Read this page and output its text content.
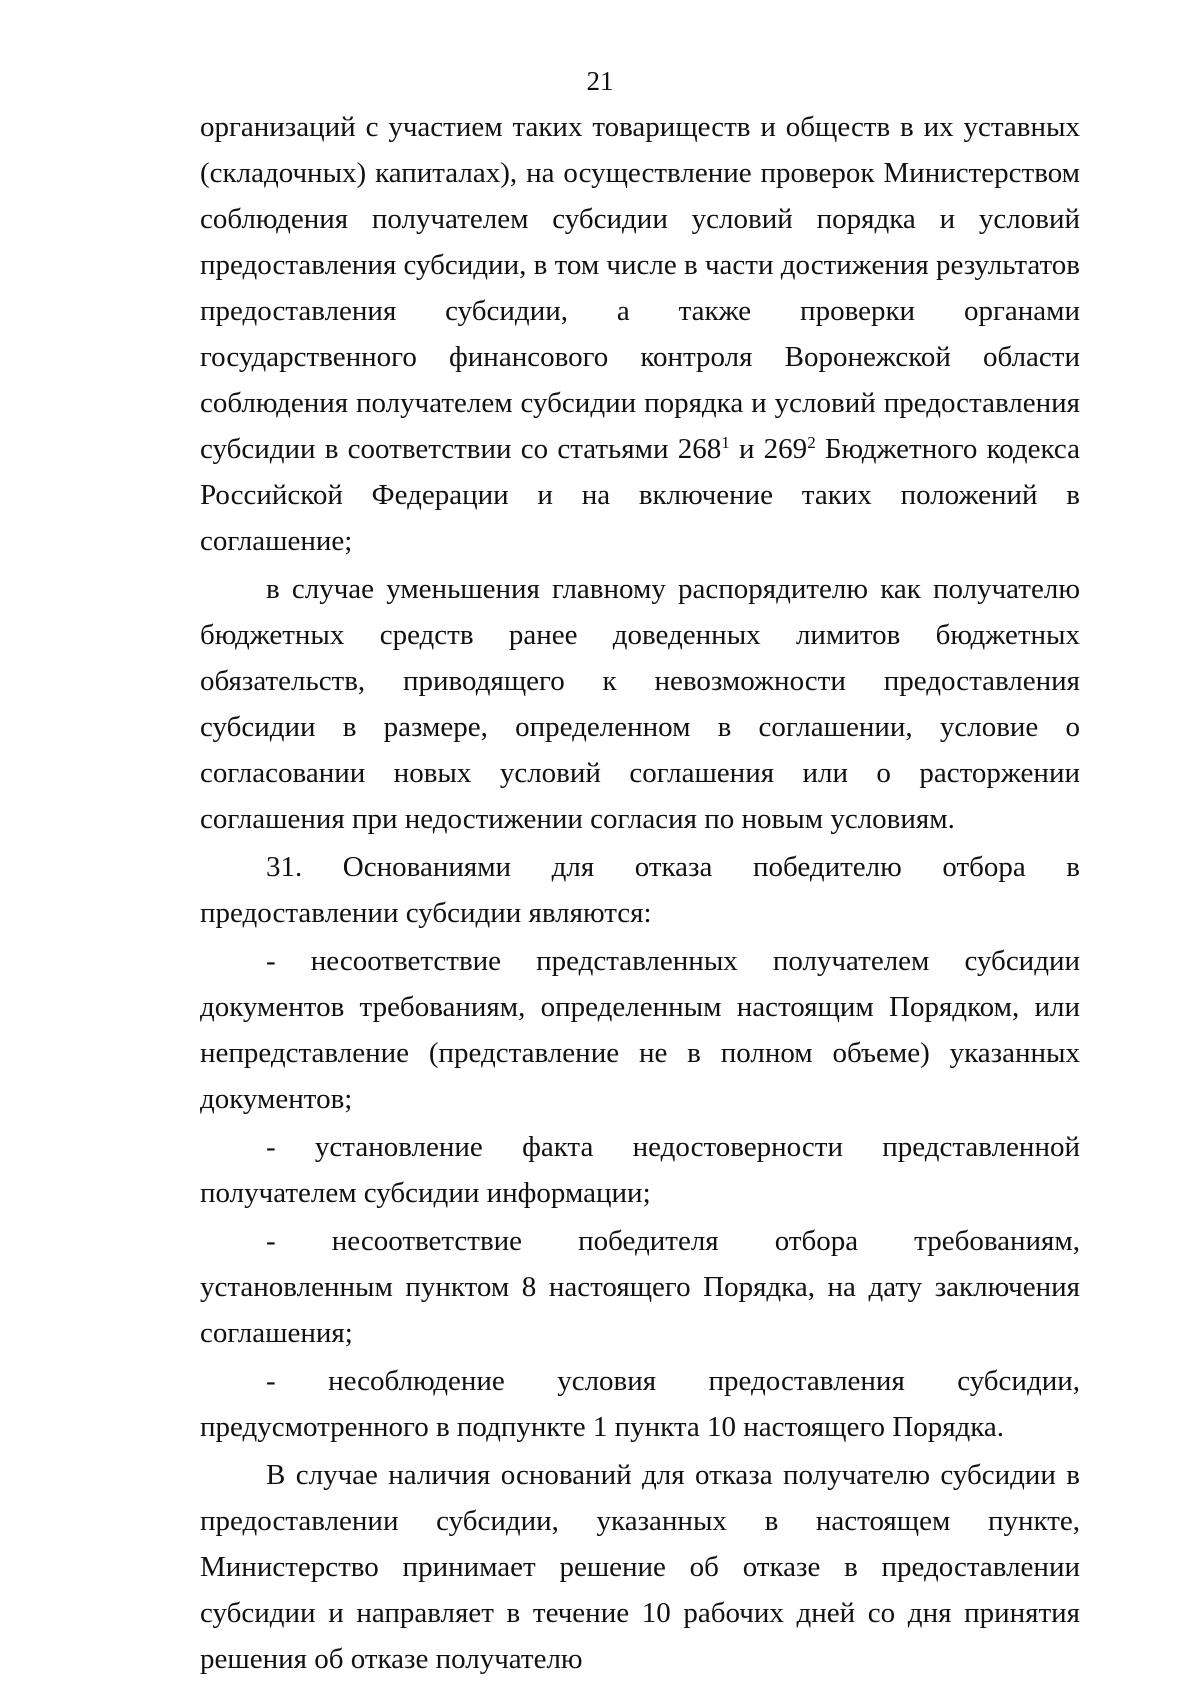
21

организаций с участием таких товариществ и обществ в их уставных (складочных) капиталах), на осуществление проверок Министерством соблюдения получателем субсидии условий порядка и условий предоставления субсидии, в том числе в части достижения результатов предоставления субсидии, а также проверки органами государственного финансового контроля Воронежской области соблюдения получателем субсидии порядка и условий предоставления субсидии в соответствии со статьями $268^1$ и $269^2$ Бюджетного кодекса Российской Федерации и на включение таких положений в соглашение;

в случае уменьшения главному распорядителю как получателю бюджетных средств ранее доведенных лимитов бюджетных обязательств, приводящего к невозможности предоставления субсидии в размере, определенном в соглашении, условие о согласовании новых условий соглашения или о расторжении соглашения при недостижении согласия по новым условиям.

31. Основаниями для отказа победителю отбора в предоставлении субсидии являются:

- несоответствие представленных получателем субсидии документов требованиям, определенным настоящим Порядком, или непредставление (представление не в полном объеме) указанных документов;

- установление факта недостоверности представленной получателем субсидии информации;

- несоответствие победителя отбора требованиям, установленным пунктом 8 настоящего Порядка, на дату заключения соглашения;

- несоблюдение условия предоставления субсидии, предусмотренного в подпункте 1 пункта 10 настоящего Порядка.

В случае наличия оснований для отказа получателю субсидии в предоставлении субсидии, указанных в настоящем пункте, Министерство принимает решение об отказе в предоставлении субсидии и направляет в течение 10 рабочих дней со дня принятия решения об отказе получателю
